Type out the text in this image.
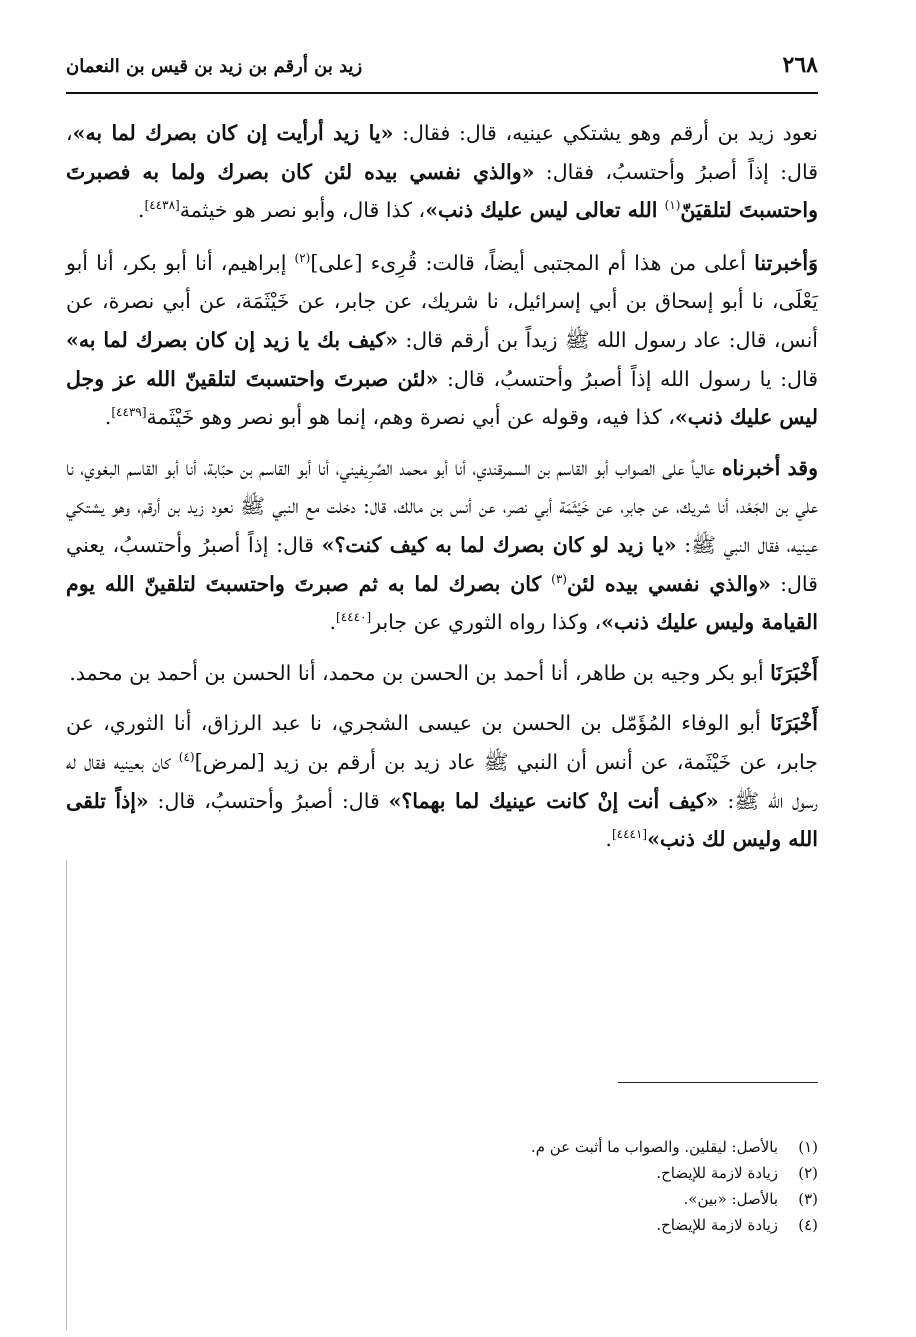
٢٦٨
زيد بن أرقم بن زيد بن قيس بن النعمان

نعود زيد بن أرقم وهو يشتكي عينيه، قال: فقال: «يا زيد أرأيت إن كان بصرك لما به»، قال: إذاً أصبرُ وأحتسبُ، فقال: «والذي نفسي بيده لئن كان بصرك ولما به فصبرتَ واحتسبتَ لتلقيَنّ$^{(١)}$ الله تعالى ليس عليك ذنب»، كذا قال، وأبو نصر هو خيثمة[٤٤٣٨].

وَأخبرتنا أعلى من هذا أم المجتبى أيضاً، قالت: قُرِىء [على]$^{(٢)}$ إبراهيم، أنا أبو بكر، أنا أبو يَعْلَى، نا أبو إسحاق بن أبي إسرائيل، نا شريك، عن جابر، عن خَيْثَمَة، عن أبي نصرة، عن أنس، قال: عاد رسول الله ﷺ زيداً بن أرقم قال: «كيف بك يا زيد إن كان بصرك لما به» قال: يا رسول الله إذاً أصبرُ وأحتسبُ، قال: «لئن صبرتَ واحتسبتَ لتلقينّ الله عز وجل ليس عليك ذنب»، كذا فيه، وقوله عن أبي نصرة وهم، إنما هو أبو نصر وهو خَيْثَمة[٤٤٣٩].

وقد أخبرناه عالياً على الصواب أبو القاسم بن السمرقندي، أنا أبو محمد الصِّرِيفيني، أنا أبو القاسم بن حبّابة، أنا أبو القاسم البغوي، نا علي بن الجَعْد، أنا شريك، عن جابر، عن خَيْثَمَة أبي نصر، عن أنس بن مالك، قال: دخلت مع النبي ﷺ نعود زيد بن أرقم، وهو يشتكي عينيه، فقال النبي ﷺ: «يا زيد لو كان بصرك لما به كيف كنت؟» قال: إذاً أصبرُ وأحتسبُ، يعني قال: «والذي نفسي بيده لئن$^{(٣)}$ كان بصرك لما به ثم صبرتَ واحتسبتَ لتلقينّ الله يوم القيامة وليس عليك ذنب»، وكذا رواه الثوري عن جابر[٤٤٤٠].

أَخْبَرَنَا أبو بكر وجيه بن طاهر، أنا أحمد بن الحسن بن محمد، أنا الحسن بن أحمد بن محمد.

أَخْبَرَنَا أبو الوفاء المُؤَمّل بن الحسن بن عيسى الشجري، نا عبد الرزاق، أنا الثوري، عن جابر، عن خَيْثَمة، عن أنس أن النبي ﷺ عاد زيد بن أرقم بن زيد [لمرض]$^{(٤)}$ كان بعينيه فقال له رسول الله ﷺ: «كيف أنت إنْ كانت عينيك لما بهما؟» قال: أصبرُ وأحتسبُ، قال: «إذاً تلقى الله وليس لك ذنب»[٤٤٤١].

(١)
بالأصل: ليقلين. والصواب ما أثبت عن م.
(٢)
زيادة لازمة للإيضاح.
(٣)
بالأصل: «بين».
(٤)
زيادة لازمة للإيضاح.
